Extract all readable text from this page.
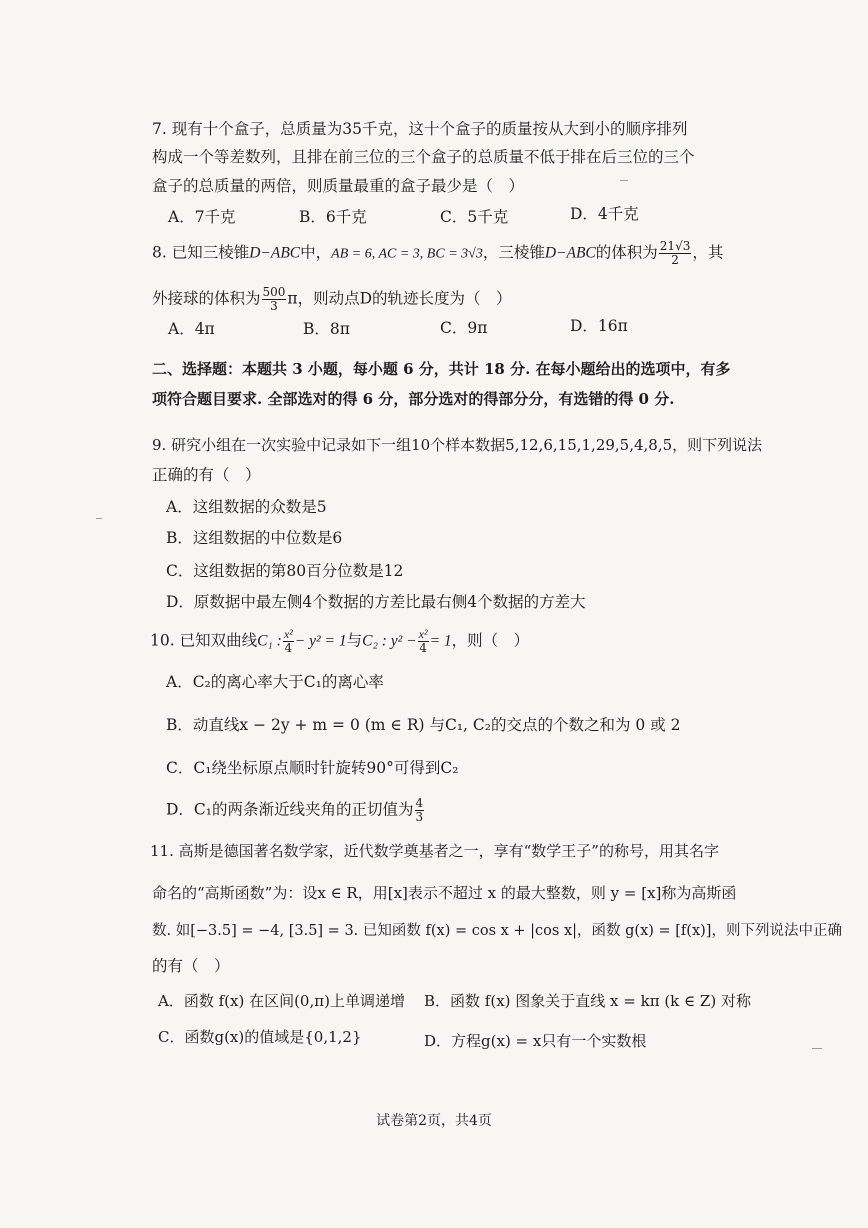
7. 现有十个盒子，总质量为35千克，这十个盒子的质量按从大到小的顺序排列
构成一个等差数列，且排在前三位的三个盒子的总质量不低于排在后三位的三个
盒子的总质量的两倍，则质量最重的盒子最少是（　）
A．7千克	B．6千克	C．5千克	D．4千克
8. 已知三棱锥D−ABC中，AB = 6, AC = 3, BC = 3√3，三棱锥D−ABC的体积为 $\frac{21√3}{2}$ ，其
外接球的体积为 $\frac{500}{3}$ π，则动点D的轨迹长度为（　）
A．4π	B．8π	C．9π	D．16π
二、选择题：本题共 3 小题，每小题 6 分，共计 18 分. 在每小题给出的选项中，有多
项符合题目要求. 全部选对的得 6 分，部分选对的得部分分，有选错的得 0 分.
9. 研究小组在一次实验中记录如下一组10个样本数据5,12,6,15,1,29,5,4,8,5，则下列说法
正确的有（　）
A．这组数据的众数是5
B．这组数据的中位数是6
C．这组数据的第80百分位数是12
D．原数据中最左侧4个数据的方差比最右侧4个数据的方差大
10. 已知双曲线C₁ : $\frac{\text{x²}}{4} - y^2 = 1$与C₂ : $y^2 - \frac{\text{x²}}{4} = 1$，则（　）
A．C₂的离心率大于C₁的离心率
B．动直线x − 2y + m = 0 (m ∈ R) 与C₁, C₂的交点的个数之和为 0 或 2
C．C₁绕坐标原点顺时针旋转90°可得到C₂
D．C₁的两条渐近线夹角的正切值为 $\frac{4}{3}$
11. 高斯是德国著名数学家，近代数学奠基者之一，享有“数学王子”的称号，用其名字
命名的“高斯函数”为：设x ∈ R，用[x]表示不超过 x 的最大整数，则 y = [x]称为高斯函
数. 如[−3.5] = −4, [3.5] = 3. 已知函数 f(x) = cos x + |cos x|，函数 g(x) = [f(x)]，则下列说法中正确
的有（　）
A．函数 f(x) 在区间(0,π)上单调递增 B．函数 f(x) 图象关于直线 x = kπ (k ∈ Z) 对称
C．函数g(x)的值域是{0,1,2}	D．方程g(x) = x只有一个实数根
试卷第2页，共4页
